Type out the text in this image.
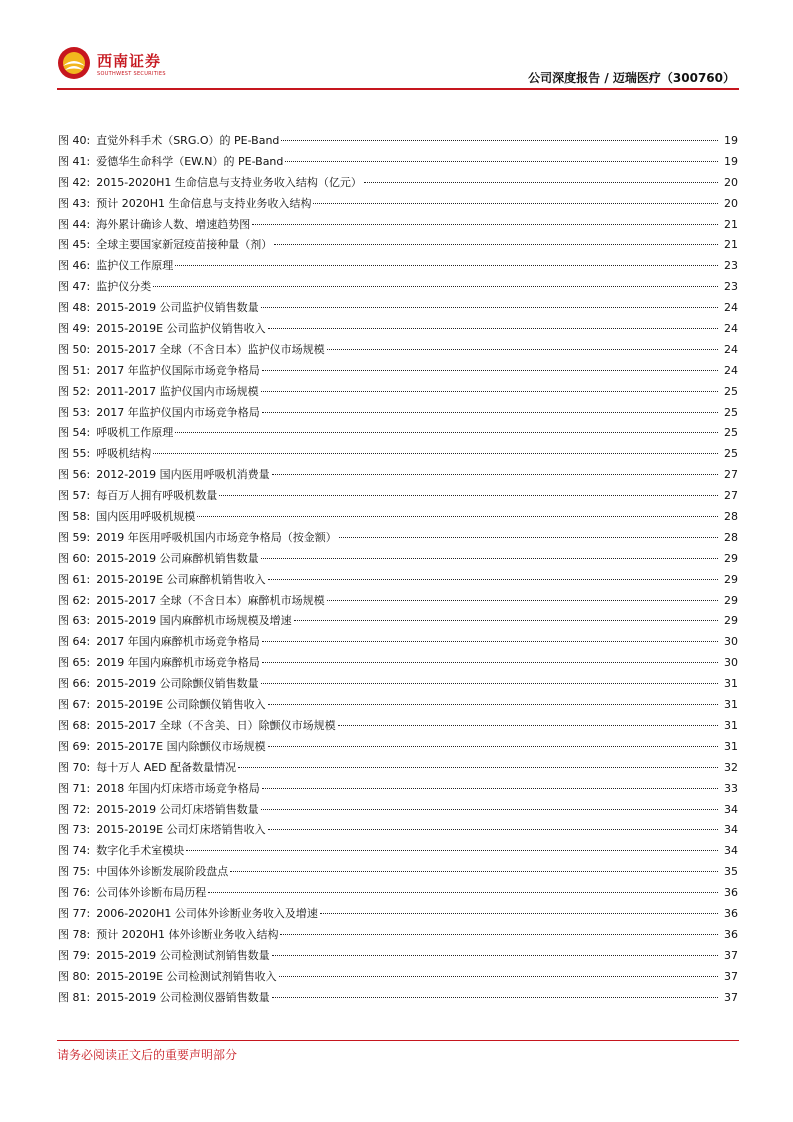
西南证券
SOUTHWEST SECURITIES	公司深度报告 / 迈瑞医疗（300760）
图 40: 直觉外科手术（SRG.O）的 PE-Band	19
图 41: 爱德华生命科学（EW.N）的 PE-Band	19
图 42: 2015-2020H1 生命信息与支持业务收入结构（亿元）	20
图 43: 预计 2020H1 生命信息与支持业务收入结构	20
图 44: 海外累计确诊人数、增速趋势图	21
图 45: 全球主要国家新冠疫苗接种量（剂）	21
图 46: 监护仪工作原理	23
图 47: 监护仪分类	23
图 48: 2015-2019 公司监护仪销售数量	24
图 49: 2015-2019E 公司监护仪销售收入	24
图 50: 2015-2017 全球（不含日本）监护仪市场规模	24
图 51: 2017 年监护仪国际市场竞争格局	24
图 52: 2011-2017 监护仪国内市场规模	25
图 53: 2017 年监护仪国内市场竞争格局	25
图 54: 呼吸机工作原理	25
图 55: 呼吸机结构	25
图 56: 2012-2019 国内医用呼吸机消费量	27
图 57: 每百万人拥有呼吸机数量	27
图 58: 国内医用呼吸机规模	28
图 59: 2019 年医用呼吸机国内市场竞争格局（按金额）	28
图 60: 2015-2019 公司麻醉机销售数量	29
图 61: 2015-2019E 公司麻醉机销售收入	29
图 62: 2015-2017 全球（不含日本）麻醉机市场规模	29
图 63: 2015-2019 国内麻醉机市场规模及增速	29
图 64: 2017 年国内麻醉机市场竞争格局	30
图 65: 2019 年国内麻醉机市场竞争格局	30
图 66: 2015-2019 公司除颤仪销售数量	31
图 67: 2015-2019E 公司除颤仪销售收入	31
图 68: 2015-2017 全球（不含美、日）除颤仪市场规模	31
图 69: 2015-2017E 国内除颤仪市场规模	31
图 70: 每十万人 AED 配备数量情况	32
图 71: 2018 年国内灯床塔市场竞争格局	33
图 72: 2015-2019 公司灯床塔销售数量	34
图 73: 2015-2019E 公司灯床塔销售收入	34
图 74: 数字化手术室模块	34
图 75: 中国体外诊断发展阶段盘点	35
图 76: 公司体外诊断布局历程	36
图 77: 2006-2020H1 公司体外诊断业务收入及增速	36
图 78: 预计 2020H1 体外诊断业务收入结构	36
图 79: 2015-2019 公司检测试剂销售数量	37
图 80: 2015-2019E 公司检测试剂销售收入	37
图 81: 2015-2019 公司检测仪器销售数量	37
请务必阅读正文后的重要声明部分
